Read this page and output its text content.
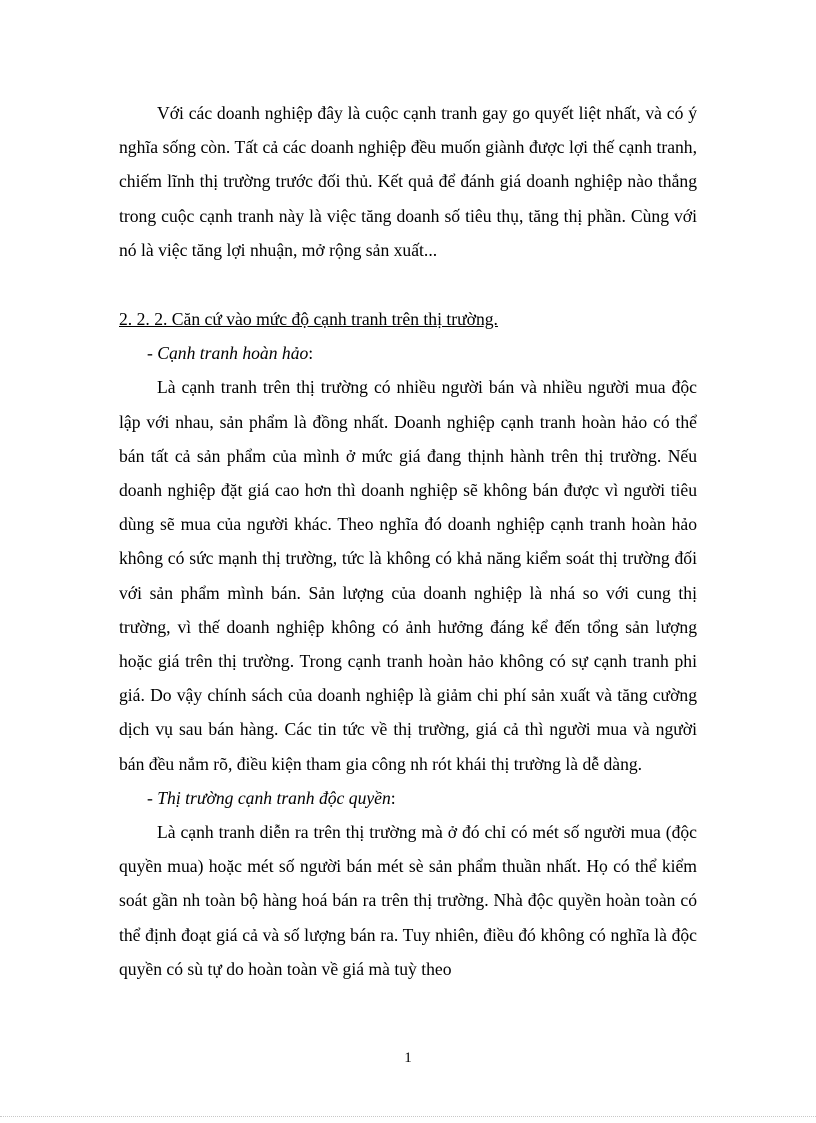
Với các doanh nghiệp đây là cuộc cạnh tranh gay go quyết liệt nhất, và có ý nghĩa sống còn. Tất cả các doanh nghiệp đều muốn giành được lợi thế cạnh tranh, chiếm lĩnh thị trường trước đối thủ. Kết quả để đánh giá doanh nghiệp nào thắng trong cuộc cạnh tranh này là việc tăng doanh số tiêu thụ, tăng thị phần. Cùng với nó là việc tăng lợi nhuận, mở rộng sản xuất...

2. 2. 2. Căn cứ vào mức độ cạnh tranh trên thị trường.

- Cạnh tranh hoàn hảo:

Là cạnh tranh trên thị trường có nhiều người bán và nhiều người mua độc lập với nhau, sản phẩm là đồng nhất. Doanh nghiệp cạnh tranh hoàn hảo có thể bán tất cả sản phẩm của mình ở mức giá đang thịnh hành trên thị trường. Nếu doanh nghiệp đặt giá cao hơn thì doanh nghiệp sẽ không bán được vì người tiêu dùng sẽ mua của người khác. Theo nghĩa đó doanh nghiệp cạnh tranh hoàn hảo không có sức mạnh thị trường, tức là không có khả năng kiểm soát thị trường đối với sản phẩm mình bán. Sản lượng của doanh nghiệp là nhá so với cung thị trường, vì thế doanh nghiệp không có ảnh hưởng đáng kể đến tổng sản lượng hoặc giá trên thị trường. Trong cạnh tranh hoàn hảo không có sự cạnh tranh phi giá. Do vậy chính sách của doanh nghiệp là giảm chi phí sản xuất và tăng cường dịch vụ sau bán hàng. Các tin tức về thị trường, giá cả thì người mua và người bán đều nắm rõ, điều kiện tham gia công nh rót khái thị trường là dễ dàng.

- Thị trường cạnh tranh độc quyền:

Là cạnh tranh diễn ra trên thị trường mà ở đó chỉ có mét số người mua (độc quyền mua) hoặc mét số người bán mét sè sản phẩm thuần nhất. Họ có thể kiểm soát gần nh toàn bộ hàng hoá bán ra trên thị trường. Nhà độc quyền hoàn toàn có thể định đoạt giá cả và số lượng bán ra. Tuy nhiên, điều đó không có nghĩa là độc quyền có sù tự do hoàn toàn về giá mà tuỳ theo

1
